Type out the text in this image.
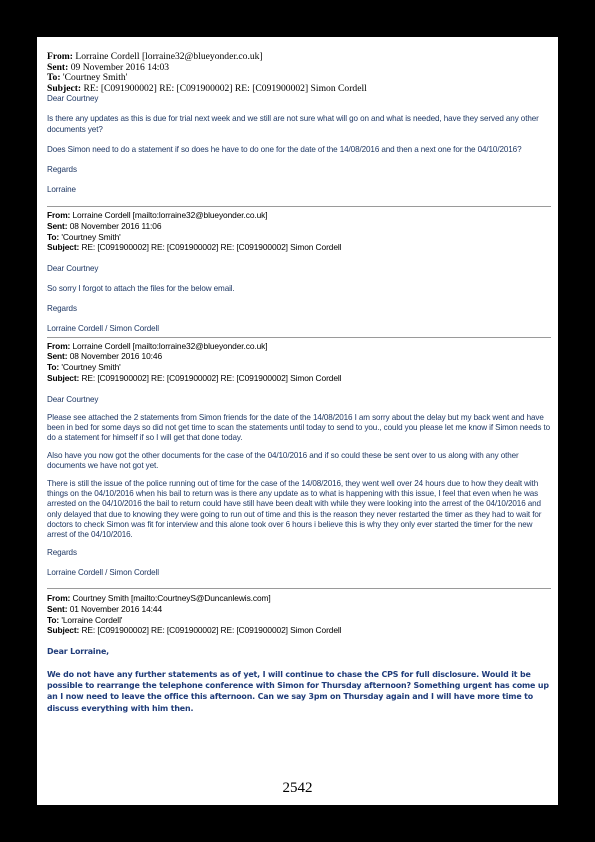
From: Lorraine Cordell [lorraine32@blueyonder.co.uk]
Sent: 09 November 2016 14:03
To: 'Courtney Smith'
Subject: RE: [C091900002] RE: [C091900002] RE: [C091900002] Simon Cordell

Dear Courtney

Is there any updates as this is due for trial next week and we still are not sure what will go on and what is needed, have they served any other documents yet?

Does Simon need to do a statement if so does he have to do one for the date of the 14/08/2016 and then a next one for the 04/10/2016?

Regards

Lorraine

From: Lorraine Cordell [mailto:lorraine32@blueyonder.co.uk]
Sent: 08 November 2016 11:06
To: 'Courtney Smith'
Subject: RE: [C091900002] RE: [C091900002] RE: [C091900002] Simon Cordell

Dear Courtney

So sorry I forgot to attach the files for the below email.

Regards

Lorraine Cordell / Simon Cordell

From: Lorraine Cordell [mailto:lorraine32@blueyonder.co.uk]
Sent: 08 November 2016 10:46
To: 'Courtney Smith'
Subject: RE: [C091900002] RE: [C091900002] RE: [C091900002] Simon Cordell

Dear Courtney

Please see attached the 2 statements from Simon friends for the date of the 14/08/2016 I am sorry about the delay but my back went and have been in bed for some days so did not get time to scan the statements until today to send to you., could you please let me know if Simon needs to do a statement for himself if so I will get that done today.

Also have you now got the other documents for the case of the 04/10/2016 and if so could these be sent over to us along with any other documents we have not got yet.

There is still the issue of the police running out of time for the case of the 14/08/2016, they went well over 24 hours due to how they dealt with things on the 04/10/2016 when his bail to return was is there any update as to what is happening with this issue, I feel that even when he was arrested on the 04/10/2016 the bail to return could have still have been dealt with while they were looking into the arrest of the 04/10/2016 and only delayed that due to knowing they were going to run out of time and this is the reason they never restarted the timer as they had to wait for doctors to check Simon was fit for interview and this alone took over 6 hours i believe this is why they only ever started the timer for the new arrest of the 04/10/2016.

Regards

Lorraine Cordell / Simon Cordell

From: Courtney Smith [mailto:CourtneyS@Duncanlewis.com]
Sent: 01 November 2016 14:44
To: 'Lorraine Cordell'
Subject: RE: [C091900002] RE: [C091900002] RE: [C091900002] Simon Cordell

Dear Lorraine,

We do not have any further statements as of yet, I will continue to chase the CPS for full disclosure. Would it be possible to rearrange the telephone conference with Simon for Thursday afternoon? Something urgent has come up an I now need to leave the office this afternoon. Can we say 3pm on Thursday again and I will have more time to discuss everything with him then.

2542
